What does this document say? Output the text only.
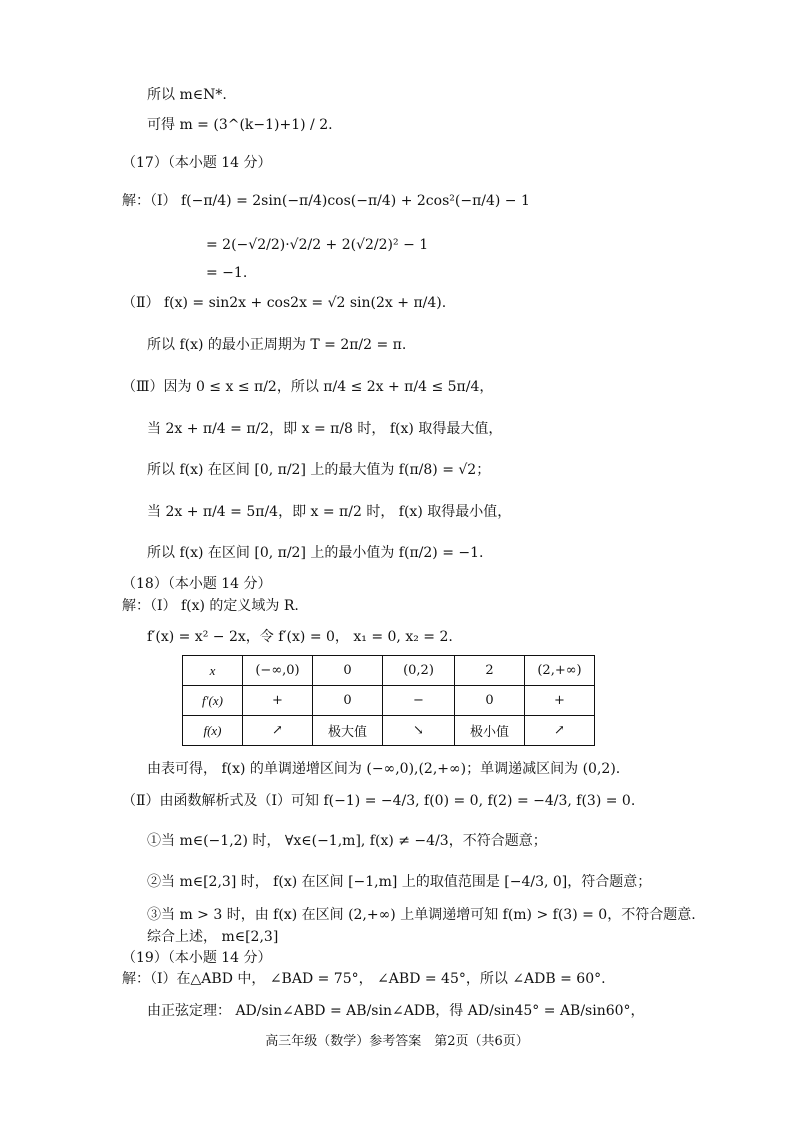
所以 m∈N*.
可得 m = (3^(k−1)+1) / 2.
（17）（本小题 14 分）
解：（Ⅰ） f(−π/4) = 2sin(−π/4)cos(−π/4) + 2cos²(−π/4) − 1
= 2(−√2/2)·√2/2 + 2(√2/2)² − 1
= −1.
（Ⅱ） f(x) = sin2x + cos2x = √2 sin(2x + π/4).
所以 f(x) 的最小正周期为 T = 2π/2 = π.
（Ⅲ）因为 0 ≤ x ≤ π/2，所以 π/4 ≤ 2x + π/4 ≤ 5π/4，
当 2x + π/4 = π/2，即 x = π/8 时， f(x) 取得最大值，
所以 f(x) 在区间 [0, π/2] 上的最大值为 f(π/8) = √2；
当 2x + π/4 = 5π/4，即 x = π/2 时， f(x) 取得最小值，
所以 f(x) 在区间 [0, π/2] 上的最小值为 f(π/2) = −1.
（18）（本小题 14 分）
解：（Ⅰ） f(x) 的定义域为 R.
f′(x) = x² − 2x，令 f′(x) = 0， x₁ = 0, x₂ = 2.
由表可得， f(x) 的单调递增区间为 (−∞,0),(2,+∞)；单调递减区间为 (0,2).
（Ⅱ）由函数解析式及（Ⅰ）可知 f(−1) = −4/3, f(0) = 0, f(2) = −4/3, f(3) = 0.
①当 m∈(−1,2) 时， ∀x∈(−1,m], f(x) ≠ −4/3，不符合题意；
②当 m∈[2,3] 时， f(x) 在区间 [−1,m] 上的取值范围是 [−4/3, 0]，符合题意；
③当 m > 3 时，由 f(x) 在区间 (2,+∞) 上单调递增可知 f(m) > f(3) = 0，不符合题意.
综合上述， m∈[2,3]
（19）（本小题 14 分）
解：（Ⅰ）在△ABD 中， ∠BAD = 75°， ∠ABD = 45°，所以 ∠ADB = 60°.
由正弦定理： AD/sin∠ABD = AB/sin∠ADB，得 AD/sin45° = AB/sin60°，
x	(−∞,0)	0	(0,2)	2	(2,+∞)
f′(x)	+	0	−	0	+
f(x)	↗	极大值	↘	极小值	↗
高三年级（数学）参考答案　第2页（共6页）
